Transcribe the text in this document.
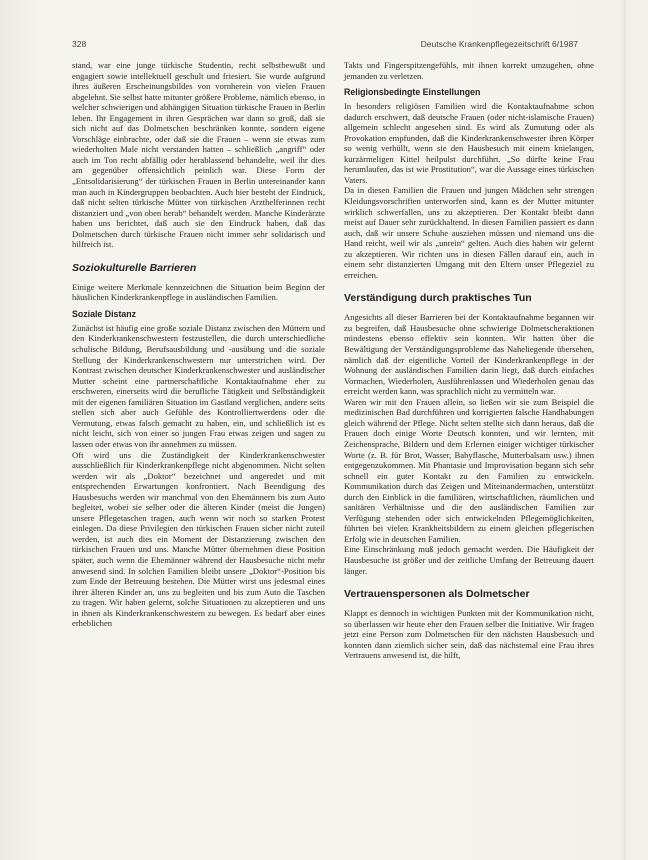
328	Deutsche Krankenpflegezeitschrift 6/1987

stand, war eine junge türkische Studentin, recht selbstbewußt und engagiert sowie intellektuell geschult und friesiert. Sie wurde aufgrund ihres äußeren Erscheinungsbildes von vornherein von vielen Frauen abgelehnt. Sie selbst hatte mitunter größere Probleme, nämlich ebenso, in welcher schwierigen und abhängigen Situation türkische Frauen in Berlin leben. Ihr Engagement in ihren Gesprächen war dann so groß, daß sie sich nicht auf das Dolmetschen beschränken konnte, sondern eigene Vorschläge einbrachte, oder daß sie die Frauen – wenn sie etwas zum wiederholten Male nicht verstanden hatten – schließlich „angriff“ oder auch im Ton recht abfällig oder herablassend behandelte, weil ihr dies am gegenüber offensichtlich peinlich war. Diese Form der „Entsolidarisierung“ der türkischen Frauen in Berlin untereinander kann man auch in Kindergruppen beobachten. Auch hier besteht der Eindruck, daß nicht selten türkische Mütter von türkischen Arzthelferinnen recht distanziert und „von oben herab“ behandelt werden. Manche Kinderärzte haben uns berichtet, daß auch sie den Eindruck haben, daß das Dolmetschen durch türkische Frauen nicht immer sehr solidarisch und hilfreich ist.

Soziokulturelle Barrieren

Einige weitere Merkmale kennzeichnen die Situation beim Beginn der häuslichen Kinderkrankenpflege in ausländischen Familien.

Soziale Distanz

Zunächst ist häufig eine große soziale Distanz zwischen den Müttern und den Kinderkrankenschwestern festzustellen, die durch unterschiedliche schulische Bildung, Berufsausbildung und -ausübung und die soziale Stellung der Kinderkrankenschwestern nur unterstrichen wird. Der Kontrast zwischen deutscher Kinderkrankenschwester und ausländischer Mutter scheint eine partnerschaftliche Kontaktaufnahme eher zu erschweren, einerseits wird die berufliche Tätigkeit und Selbständigkeit mit der eigenen familiären Situation im Gastland verglichen, andere seits stellen sich aber auch Gefühle des Kontrolliertwerdens oder die Vermutung, etwas falsch gemacht zu haben, ein, und schließlich ist es nicht leicht, sich von einer so jungen Frau etwas zeigen und sagen zu lassen oder etwas von ihr annehmen zu müssen.

Oft wird uns die Zuständigkeit der Kinderkrankenschwester ausschließlich für Kinderkrankenpflege nicht abgenommen. Nicht selten werden wir als „Doktor“ bezeichnet und angeredet und mit entsprechenden Erwartungen konfrontiert. Nach Beendigung des Hausbesuchs werden wir manchmal von den Ehemännern bis zum Auto begleitet, wobei sie selber oder die älteren Kinder (meist die Jungen) unsere Pflegetaschen tragen, auch wenn wir noch so starken Protest einlegen. Da diese Privilegien den türkischen Frauen sicher nicht zuteil werden, ist auch dies ein Moment der Distanzierung zwischen den türkischen Frauen und uns. Manche Mütter übernehmen diese Position später, auch wenn die Ehemänner während der Hausbesuche nicht mehr anwesend sind. In solchen Familien bleibt unsere „Doktor“-Position bis zum Ende der Betreuung bestehen. Die Mütter wirst uns jedesmal eines ihrer älteren Kinder an, uns zu begleiten und bis zum Auto die Taschen zu tragen. Wir haben gelernt, solche Situationen zu akzeptieren und uns in ihnen als Kinderkrankenschwestern zu bewegen. Es bedarf aber eines erheblichen

Takts und Fingerspitzengefühls, mit ihnen korrekt umzugehen, ohne jemanden zu verletzen.

Religionsbedingte Einstellungen

In besonders religiösen Familien wird die Kontaktaufnahme schon dadurch erschwert, daß deutsche Frauen (oder nicht-islamische Frauen) allgemein schlecht angesehen sind. Es wird als Zumutung oder als Provokation empfunden, daß die Kinderkrankenschwester ihren Körper so wenig verhüllt, wenn sie den Hausbesuch mit einem knielangen, kurzärmeligen Kittel heilpulst durchführt. „So dürfte keine Frau herumlaufen, das ist wie Prostitution“, war die Aussage eines türkischen Vaters.

Da in diesen Familien die Frauen und jungen Mädchen sehr strengen Kleidungsvorschriften unterworfen sind, kann es der Mutter mitunter wirklich schwerfallen, uns zu akzeptieren. Der Kontakt bleibt dann meist auf Dauer sehr zurückhaltend. In diesen Familien passiert es dann auch, daß wir unsere Schuhe ausziehen müssen und niemand uns die Hand reicht, weil wir als „unrein“ gelten. Auch dies haben wir gelernt zu akzeptieren. Wir richten uns in diesen Fällen darauf ein, auch in einem sehr distanzierten Umgang mit den Eltern unser Pflegeziel zu erreichen.

Verständigung durch praktisches Tun

Angesichts all dieser Barrieren bei der Kontaktaufnahme begannen wir zu begreifen, daß Hausbesuche ohne schwierige Dolmetscheraktionen mindestens ebenso effektiv sein konnten. Wir hatten über die Bewältigung der Verständigungsprobleme das Naheliegende übersehen, nämlich daß der eigentliche Vorteil der Kinderkrankenpflege in der Wohnung der ausländischen Familien darin liegt, daß durch einfaches Vormachen, Wiederholen, Ausführenlassen und Wiederholen genau das erreicht werden kann, was sprachlich nicht zu vermitteln war.

Waren wir mit den Frauen allein, so ließen wir sie zum Beispiel die medizinischen Bad durchführen und korrigierten falsche Handhabungen gleich während der Pflege. Nicht selten stellte sich dann heraus, daß die Frauen doch einige Worte Deutsch konnten, und wir lernten, mit Zeichensprache, Bildern und dem Erlernen einiger wichtiger türkischer Worte (z. B. für Brot, Wasser, Babyflasche, Mutterbalsam usw.) ihnen entgegenzukommen. Mit Phantasie und Improvisation begann sich sehr schnell ein guter Kontakt zu den Familien zu entwickeln. Kommunikation durch das Zeigen und Miteinandermachen, unterstützt durch den Einblick in die familiären, wirtschaftlichen, räumlichen und sanitären Verhältnisse und die den ausländischen Familien zur Verfügung stehenden oder sich entwickelnden Pflegemöglichkeiten, führten bei vielen Krankheitsbildern zu einem gleichen pflegerischen Erfolg wie in deutschen Familien.

Eine Einschränkung muß jedoch gemacht werden. Die Häufigkeit der Hausbesuche ist größer und der zeitliche Umfang der Betreuung dauert länger.

Vertrauenspersonen als Dolmetscher

Klappt es dennoch in wichtigen Punkten mit der Kommunikation nicht, so überlassen wir heute eher den Frauen selber die Initiative. Wir fragen jetzt eine Person zum Dolmetschen für den nächsten Hausbesuch und konnten dann ziemlich sicher sein, daß das nächstemal eine Frau ihres Vertrauens anwesend ist, die hilft,
